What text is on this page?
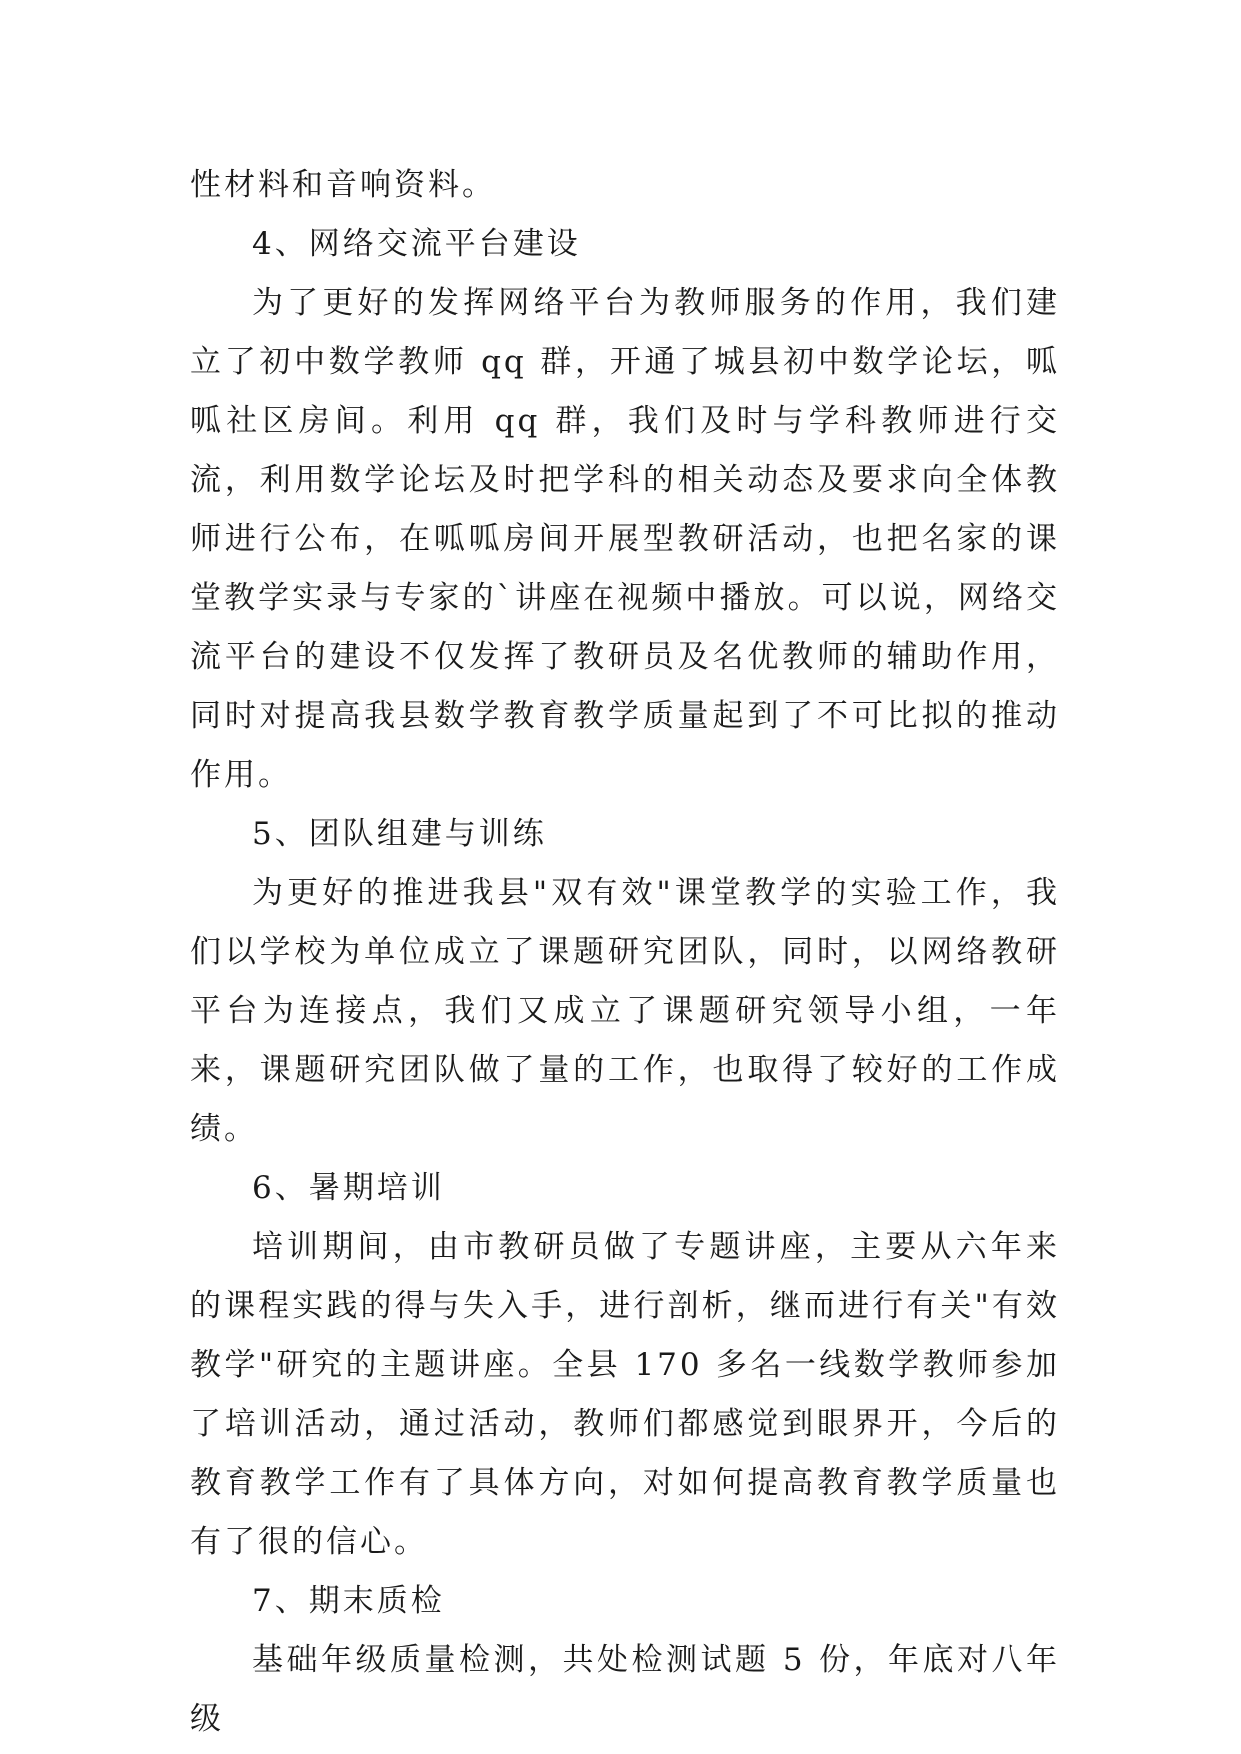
性材料和音响资料。

4、网络交流平台建设

为了更好的发挥网络平台为教师服务的作用，我们建立了初中数学教师 qq 群，开通了城县初中数学论坛，呱呱社区房间。利用 qq 群，我们及时与学科教师进行交流，利用数学论坛及时把学科的相关动态及要求向全体教师进行公布，在呱呱房间开展型教研活动，也把名家的课堂教学实录与专家的`讲座在视频中播放。可以说，网络交流平台的建设不仅发挥了教研员及名优教师的辅助作用，同时对提高我县数学教育教学质量起到了不可比拟的推动作用。

5、团队组建与训练

为更好的推进我县"双有效"课堂教学的实验工作，我们以学校为单位成立了课题研究团队，同时，以网络教研平台为连接点，我们又成立了课题研究领导小组，一年来，课题研究团队做了量的工作，也取得了较好的工作成绩。

6、暑期培训

培训期间，由市教研员做了专题讲座，主要从六年来的课程实践的得与失入手，进行剖析，继而进行有关"有效教学"研究的主题讲座。全县 170 多名一线数学教师参加了培训活动，通过活动，教师们都感觉到眼界开，今后的教育教学工作有了具体方向，对如何提高教育教学质量也有了很的信心。

7、期末质检

基础年级质量检测，共处检测试题 5 份，年底对八年级
